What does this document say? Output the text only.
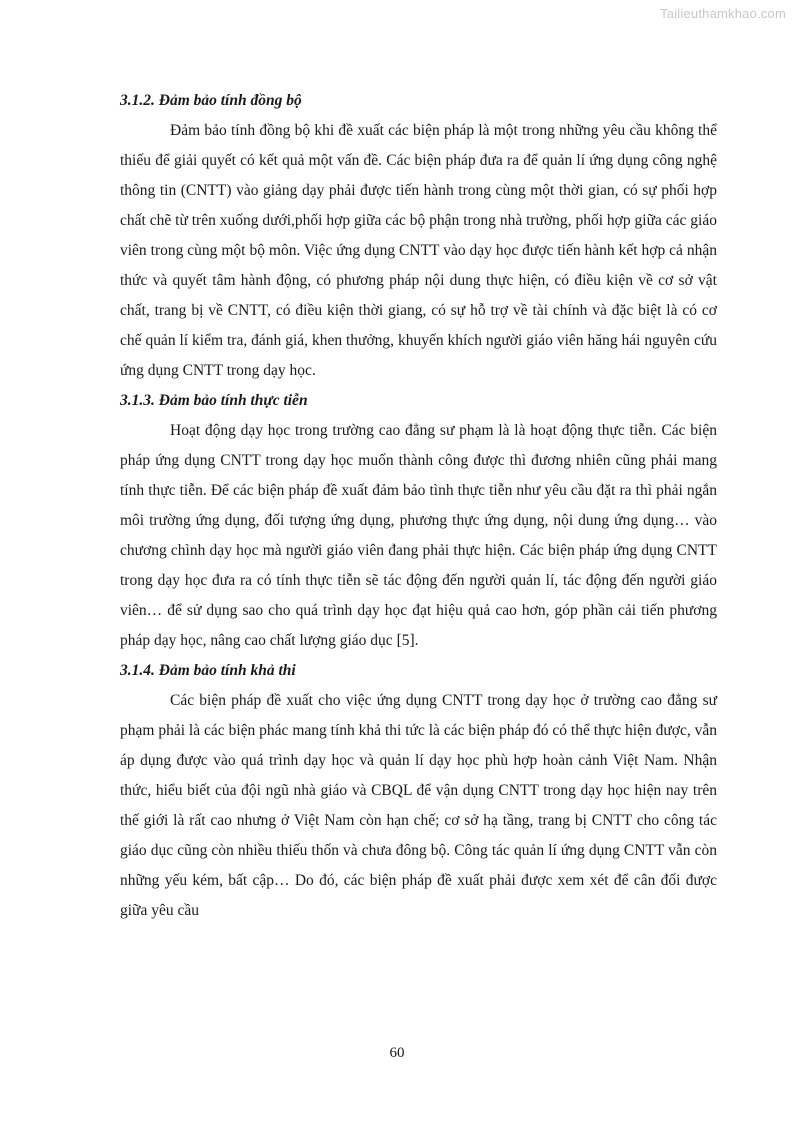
Tailieuthamkhao.com

3.1.2. Đảm bảo tính đồng bộ

Đảm bảo tính đồng bộ khi đề xuất các biện pháp là một trong những yêu cầu không thể thiếu để giải quyết có kết quả một vấn đề. Các biện pháp đưa ra để quản lí ứng dụng công nghệ thông tin (CNTT) vào giảng dạy phải được tiến hành trong cùng một thời gian, có sự phối hợp chất chẽ từ trên xuống dưới,phối hợp giữa các bộ phận trong nhà trường, phối hợp giữa các giáo viên trong cùng một bộ môn. Việc ứng dụng CNTT vào dạy học được tiến hành kết hợp cả nhận thức và quyết tâm hành động, có phương pháp nội dung thực hiện, có điều kiện về cơ sở vật chất, trang bị về CNTT, có điều kiện thời giang, có sự hỗ trợ về tài chính và đặc biệt là có cơ chế quản lí kiểm tra, đánh giá, khen thưởng, khuyến khích người giáo viên hăng hái nguyên cứu ứng dụng CNTT trong dạy học.

3.1.3. Đảm bảo tính thực tiễn

Hoạt động dạy học trong trường cao đẳng sư phạm là là hoạt động thực tiễn. Các biện pháp ứng dụng CNTT trong dạy học muốn thành công được thì đương nhiên cũng phải mang tính thực tiễn. Để các biện pháp đề xuất đảm bảo tình thực tiễn như yêu cầu đặt ra thì phải ngắn môi trường ứng dụng, đối tượng ứng dụng, phương thực ứng dụng, nội dung ứng dụng… vào chương chình dạy học mà người giáo viên đang phải thực hiện. Các biện pháp ứng dụng CNTT trong dạy học đưa ra có tính thực tiễn sẽ tác động đến người quản lí, tác động đến người giáo viên… để sử dụng sao cho quá trình dạy học đạt hiệu quả cao hơn, góp phần cải tiến phương pháp dạy học, nâng cao chất lượng giáo dục [5].

3.1.4. Đảm bảo tính khả thi

Các biện pháp đề xuất cho việc ứng dụng CNTT trong dạy học ở trường cao đẳng sư phạm phải là các biện phác mang tính khả thi tức là các biện pháp đó có thể thực hiện được, vẫn áp dụng được vào quá trình dạy học và quản lí dạy học phù hợp hoàn cảnh Việt Nam. Nhận thức, hiểu biết của đội ngũ nhà giáo và CBQL để vận dụng CNTT trong dạy học hiện nay trên thế giới là rất cao nhưng ở Việt Nam còn hạn chế; cơ sở hạ tầng, trang bị CNTT cho công tác giáo dục cũng còn nhiều thiếu thốn và chưa đông bộ. Công tác quản lí ứng dụng CNTT vẫn còn những yếu kém, bất cập… Do đó, các biện pháp đề xuất phải được xem xét để cân đối được giữa yêu cầu

60
